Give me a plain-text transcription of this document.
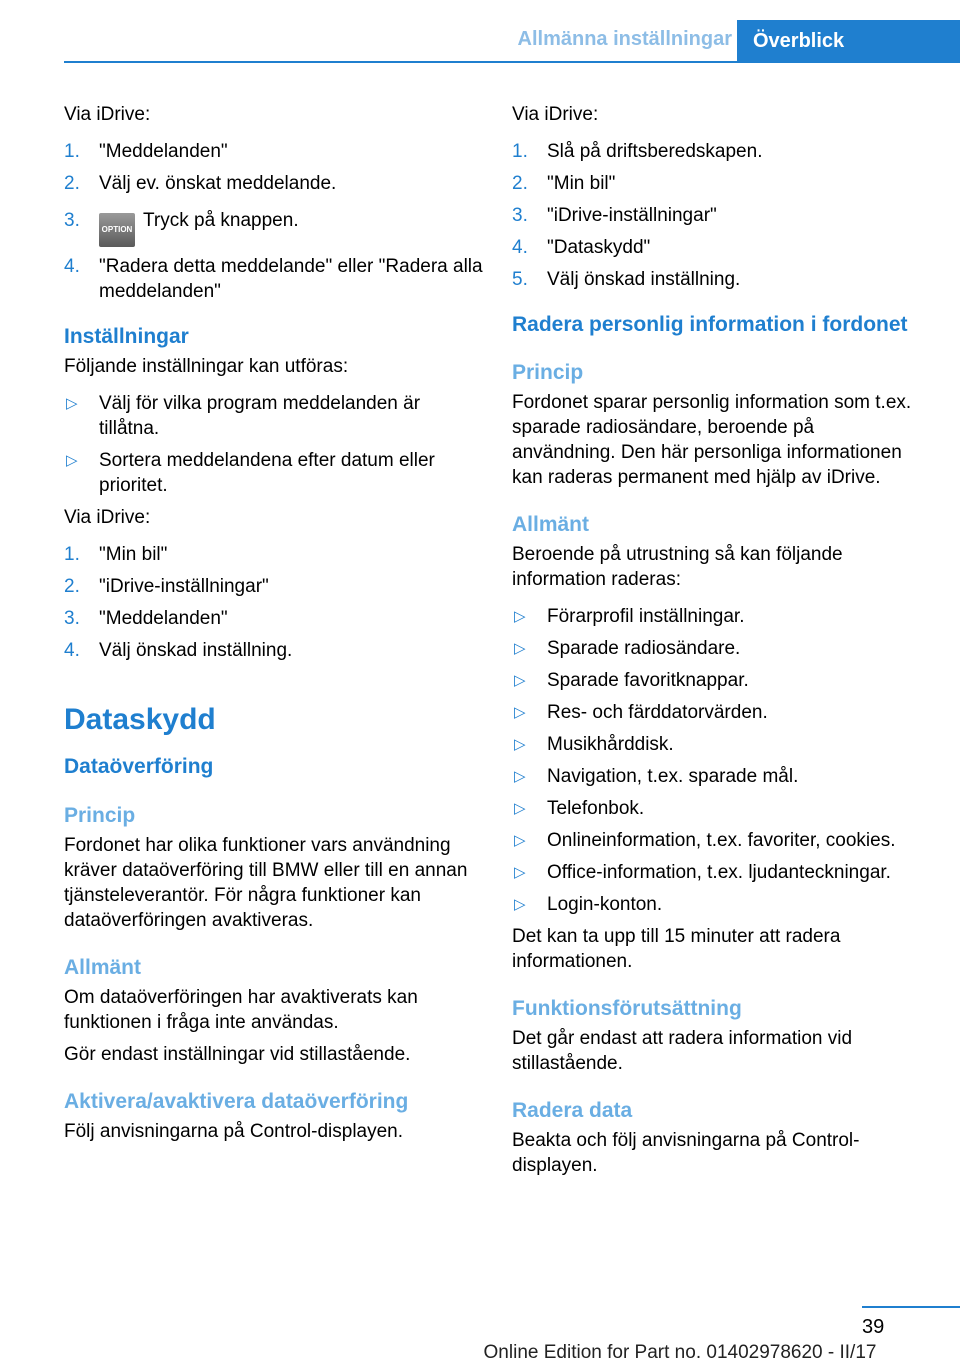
Allmänna inställningar	Överblick

Via iDrive:

1. "Meddelanden"
2. Välj ev. önskat meddelande.
3.	OPTION Tryck på knappen.
4. "Radera detta meddelande" eller "Radera alla meddelanden"

Inställningar

Följande inställningar kan utföras:

▷ Välj för vilka program meddelanden är tillåtna.
▷ Sortera meddelandena efter datum eller prioritet.

Via iDrive:

1. "Min bil"
2. "iDrive-inställningar"
3. "Meddelanden"
4. Välj önskad inställning.

Dataskydd

Dataöverföring

Princip

Fordonet har olika funktioner vars användning kräver dataöverföring till BMW eller till en annan tjänsteleverantör. För några funktioner kan dataöverföringen avaktiveras.

Allmänt

Om dataöverföringen har avaktiverats kan funktionen i fråga inte användas.

Gör endast inställningar vid stillastående.

Aktivera/avaktivera dataöverföring

Följ anvisningarna på Control-displayen.

Via iDrive:

1. Slå på driftsberedskapen.
2. "Min bil"
3. "iDrive-inställningar"
4. "Dataskydd"
5. Välj önskad inställning.

Radera personlig information i fordonet

Princip

Fordonet sparar personlig information som t.ex. sparade radiosändare, beroende på användning. Den här personliga informationen kan raderas permanent med hjälp av iDrive.

Allmänt

Beroende på utrustning så kan följande information raderas:

▷ Förarprofil inställningar.
▷ Sparade radiosändare.
▷ Sparade favoritknappar.
▷ Res- och färddatorvärden.
▷ Musikhårddisk.
▷ Navigation, t.ex. sparade mål.
▷ Telefonbok.
▷ Onlineinformation, t.ex. favoriter, cookies.
▷ Office-information, t.ex. ljudanteckningar.
▷ Login-konton.

Det kan ta upp till 15 minuter att radera informationen.

Funktionsförutsättning

Det går endast att radera information vid stillastående.

Radera data

Beakta och följ anvisningarna på Control-displayen.

39
Online Edition for Part no. 01402978620 - II/17
